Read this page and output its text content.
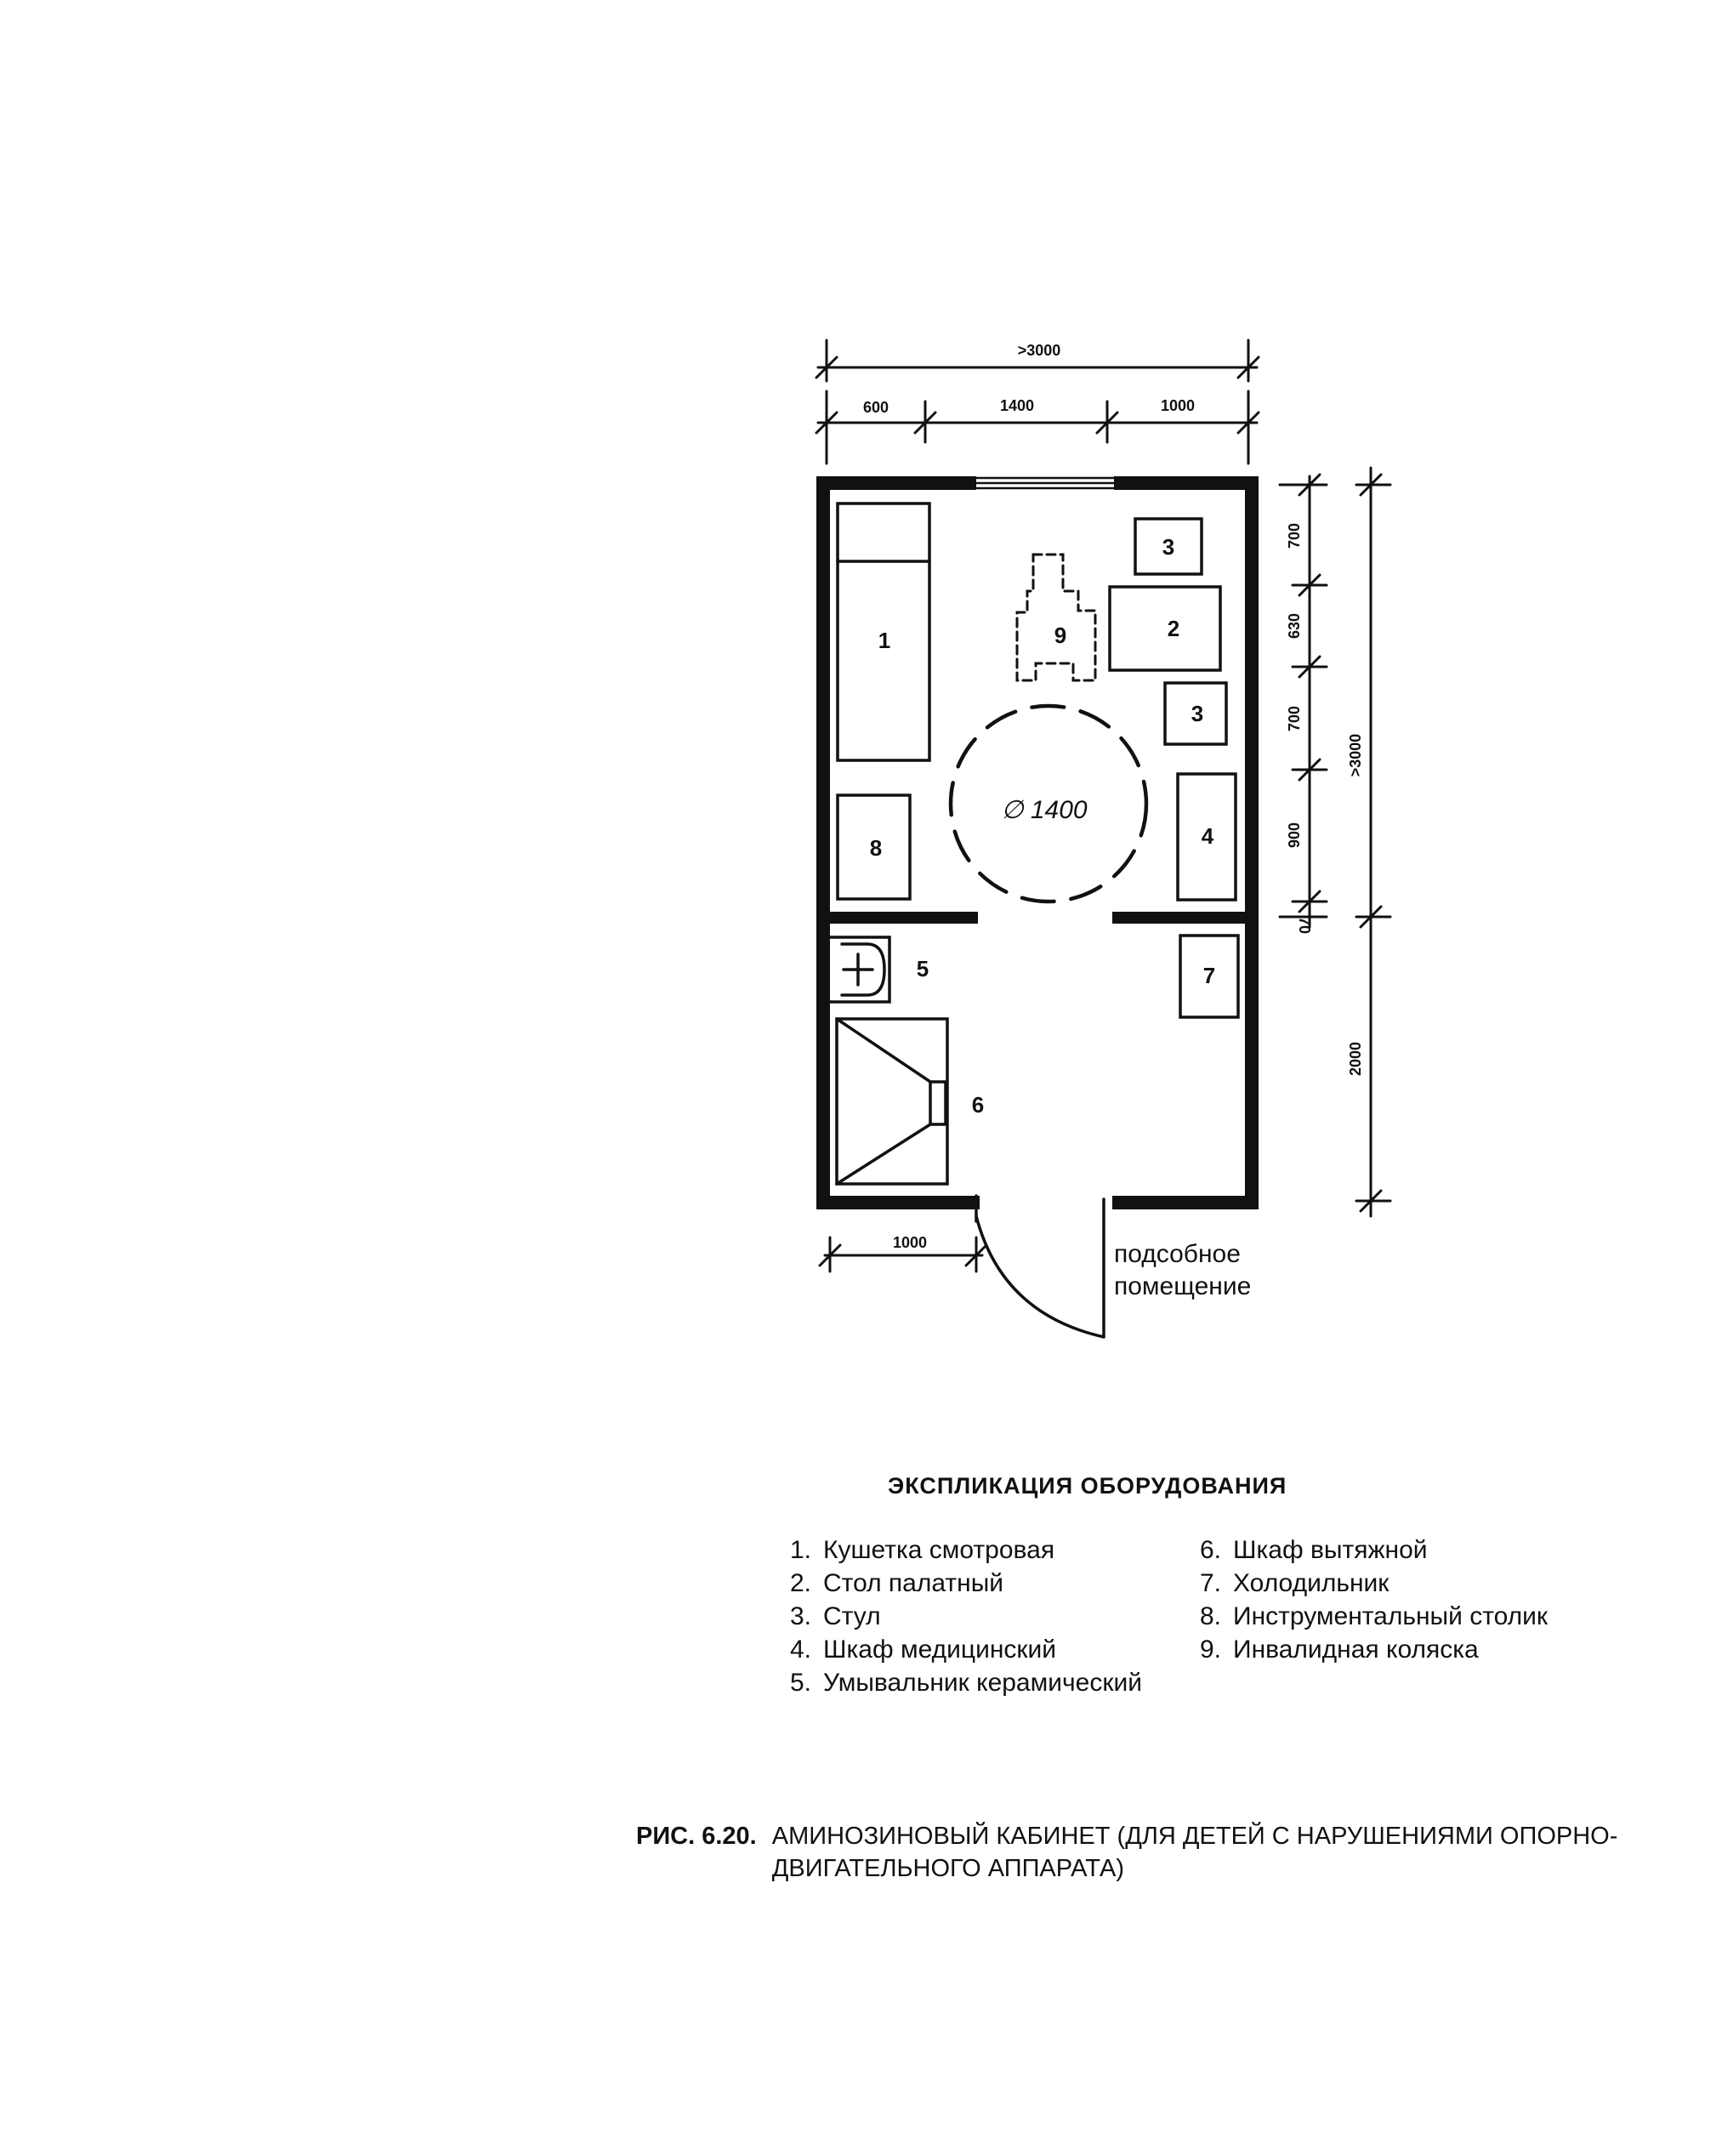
>3000
600	1400	1000
1000
700
630
700
900
70
>3000
2000
1	2
3
3
9
4
8
5	7
6
∅ 1400
подсобное
помещение
ЭКСПЛИКАЦИЯ ОБОРУДОВАНИЯ
1. Кушетка смотровая
2. Стол палатный
3. Стул
4. Шкаф медицинский
5. Умывальник керамический
6. Шкаф вытяжной
7. Холодильник
8. Инструментальный столик
9. Инвалидная коляска
РИС. 6.20. АМИНОЗИНОВЫЙ КАБИНЕТ (ДЛЯ ДЕТЕЙ С НАРУШЕНИЯМИ ОПОРНО-ДВИГАТЕЛЬНОГО АППАРАТА)
